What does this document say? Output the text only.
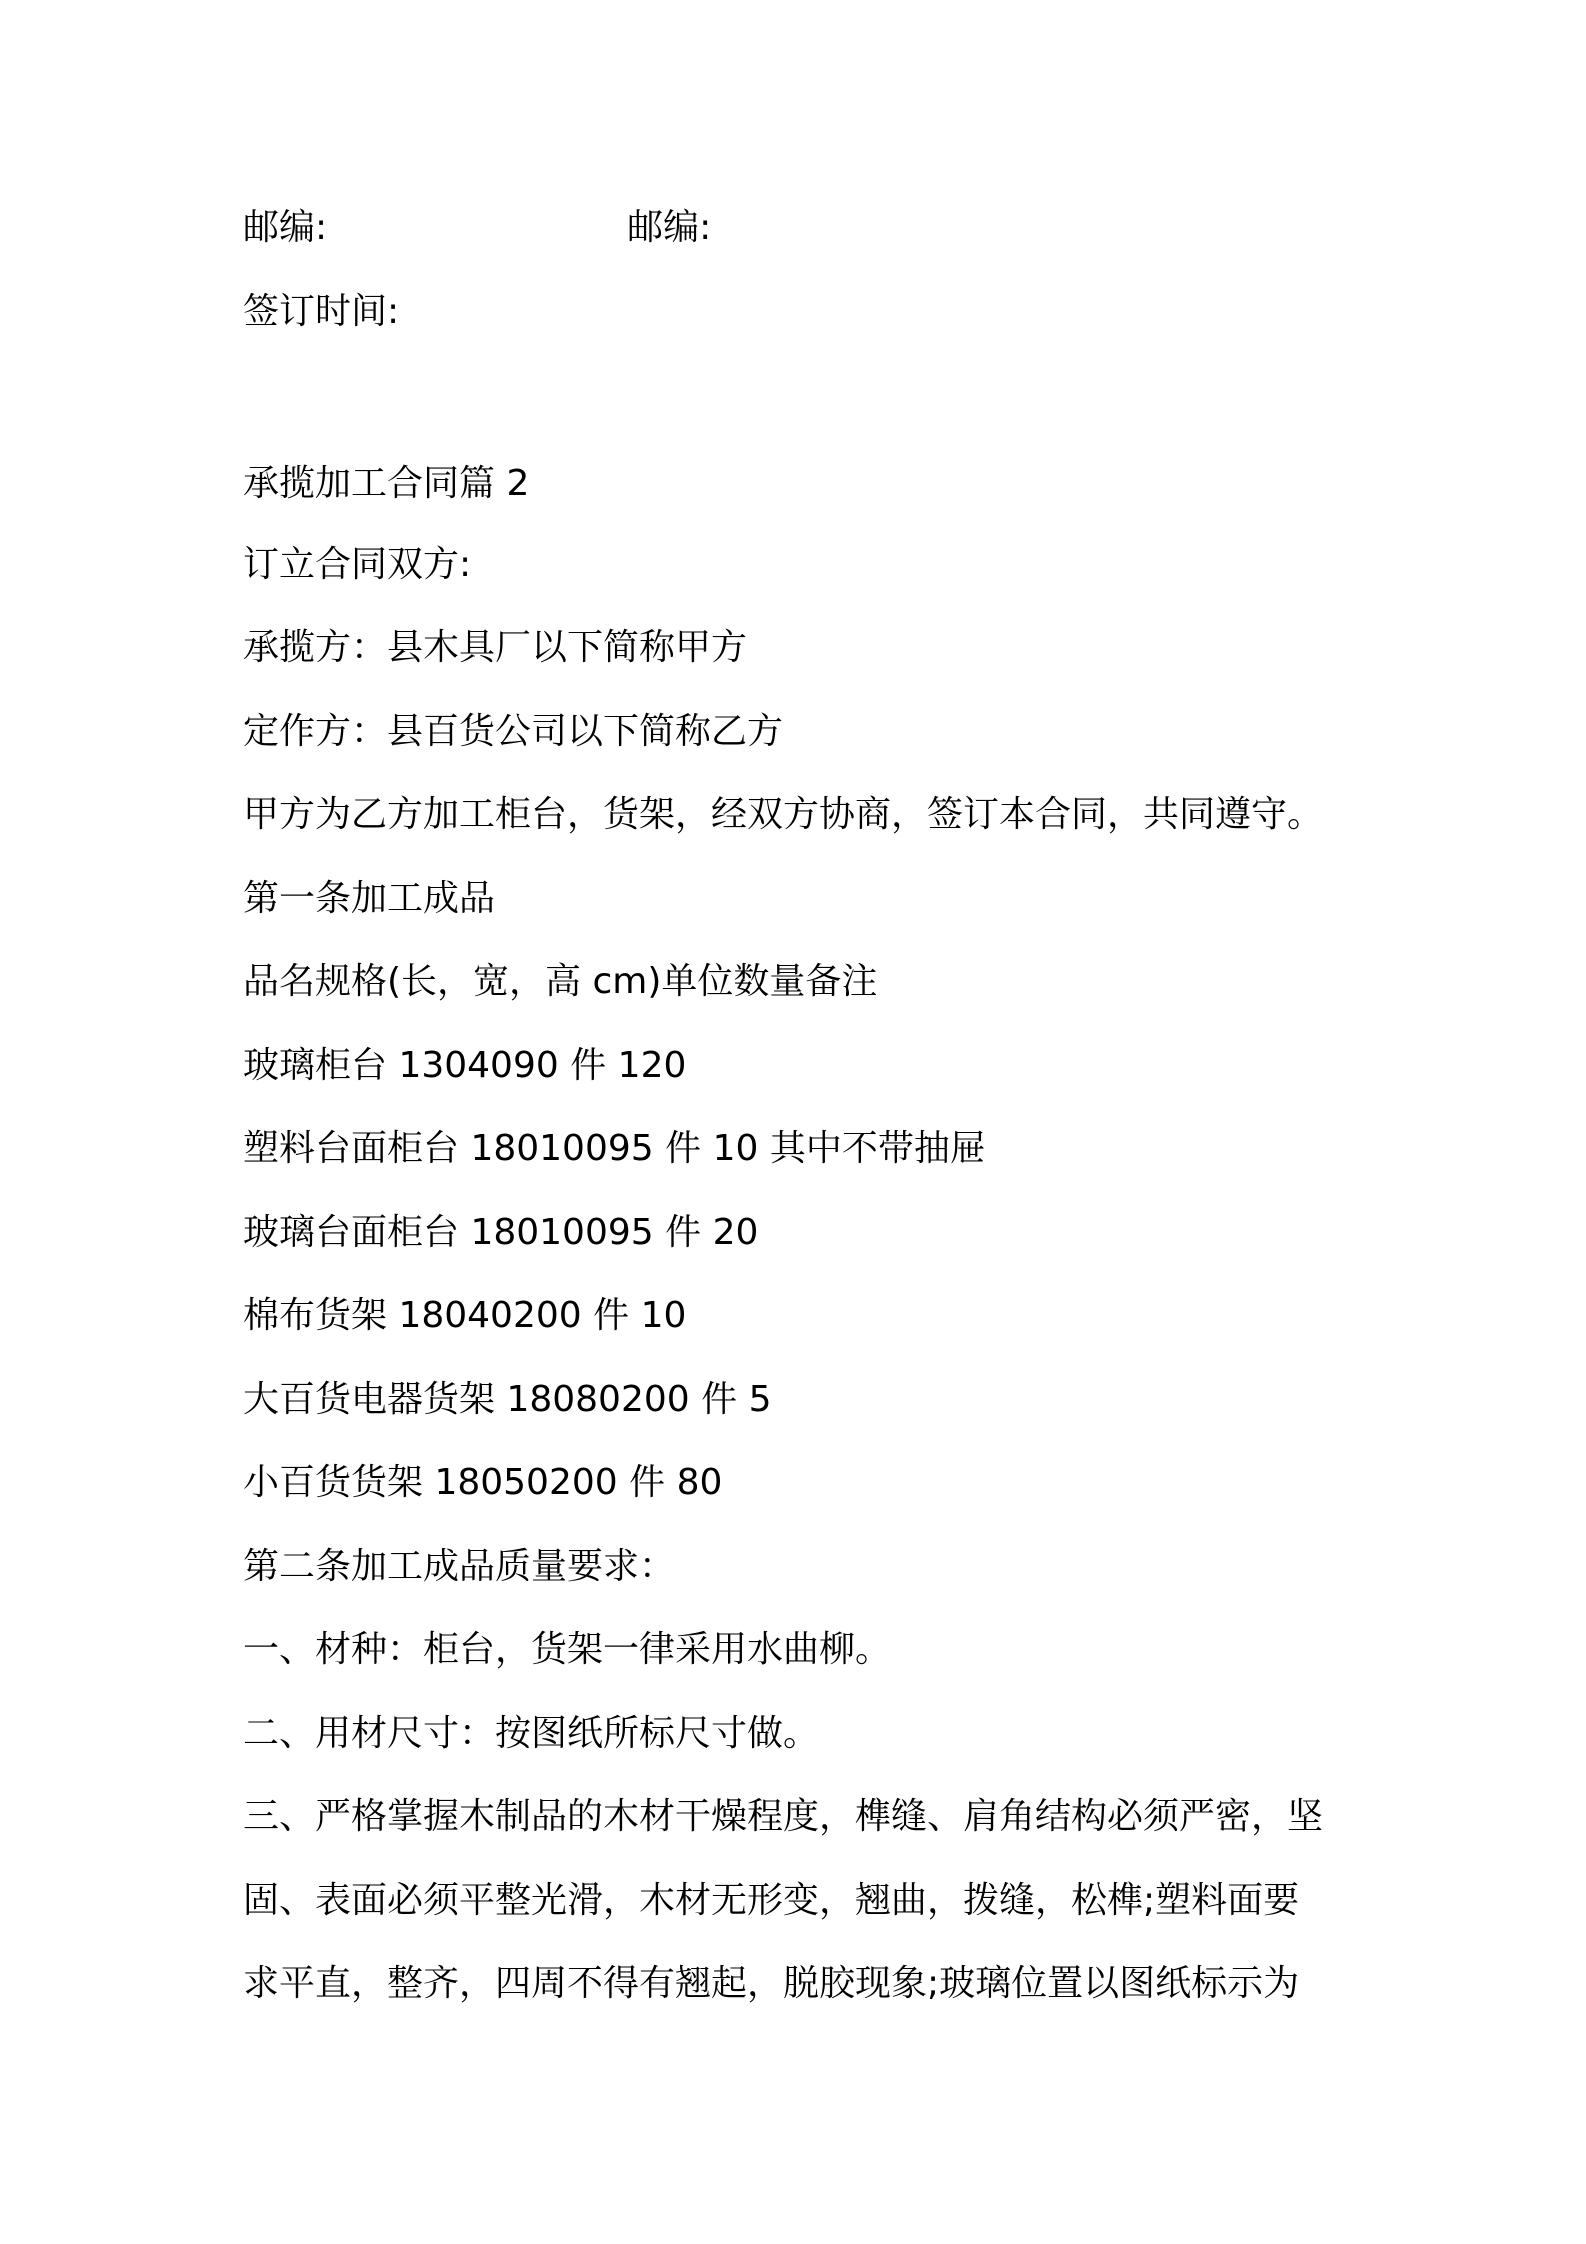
邮编:	邮编:
签订时间:
承揽加工合同篇 2
订立合同双方:
承揽方：县木具厂以下简称甲方
定作方：县百货公司以下简称乙方
甲方为乙方加工柜台，货架，经双方协商，签订本合同，共同遵守。
第一条加工成品
品名规格(长，宽，高 cm)单位数量备注
玻璃柜台 1304090 件 120
塑料台面柜台 18010095 件 10 其中不带抽屉
玻璃台面柜台 18010095 件 20
棉布货架 18040200 件 10
大百货电器货架 18080200 件 5
小百货货架 18050200 件 80
第二条加工成品质量要求：
一、材种：柜台，货架一律采用水曲柳。
二、用材尺寸：按图纸所标尺寸做。
三、严格掌握木制品的木材干燥程度，榫缝、肩角结构必须严密，坚
固、表面必须平整光滑，木材无形变，翘曲，拨缝，松榫;塑料面要
求平直，整齐，四周不得有翘起，脱胶现象;玻璃位置以图纸标示为
